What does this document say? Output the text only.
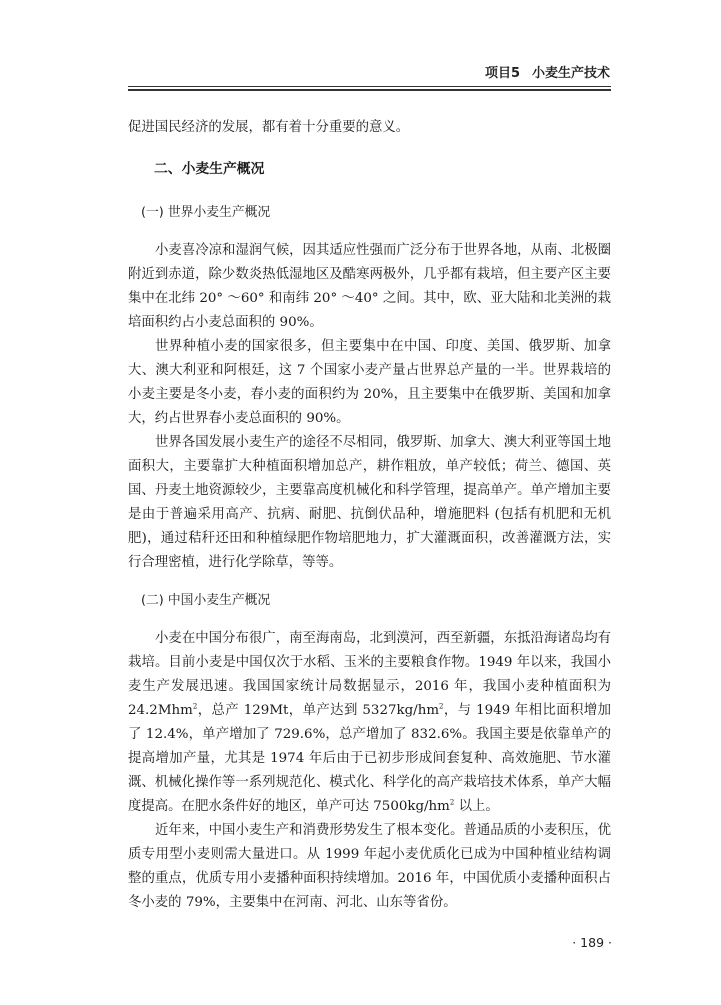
项目5 小麦生产技术

促进国民经济的发展，都有着十分重要的意义。

二、小麦生产概况
(一) 世界小麦生产概况

小麦喜冷凉和湿润气候，因其适应性强而广泛分布于世界各地，从南、北极圈附近到赤道，除少数炎热低湿地区及酷寒两极外，几乎都有栽培，但主要产区主要集中在北纬 20° ～60° 和南纬 20° ～40° 之间。其中，欧、亚大陆和北美洲的栽培面积约占小麦总面积的 90%。

世界种植小麦的国家很多，但主要集中在中国、印度、美国、俄罗斯、加拿大、澳大利亚和阿根廷，这 7 个国家小麦产量占世界总产量的一半。世界栽培的小麦主要是冬小麦，春小麦的面积约为 20%，且主要集中在俄罗斯、美国和加拿大，约占世界春小麦总面积的 90%。

世界各国发展小麦生产的途径不尽相同，俄罗斯、加拿大、澳大利亚等国土地面积大，主要靠扩大种植面积增加总产，耕作粗放，单产较低；荷兰、德国、英国、丹麦土地资源较少，主要靠高度机械化和科学管理，提高单产。单产增加主要是由于普遍采用高产、抗病、耐肥、抗倒伏品种，增施肥料 (包括有机肥和无机肥)，通过秸秆还田和种植绿肥作物培肥地力，扩大灌溉面积，改善灌溉方法，实行合理密植，进行化学除草，等等。

(二) 中国小麦生产概况

小麦在中国分布很广，南至海南岛，北到漠河，西至新疆，东抵沿海诸岛均有栽培。目前小麦是中国仅次于水稻、玉米的主要粮食作物。1949 年以来，我国小麦生产发展迅速。我国国家统计局数据显示，2016 年，我国小麦种植面积为 24.2Mhm$^2$，总产 129Mt，单产达到 $5327kg/hm^2$，与 1949 年相比面积增加了 12.4%，单产增加了 729.6%，总产增加了 832.6%。我国主要是依靠单产的提高增加产量，尤其是 1974 年后由于已初步形成间套复种、高效施肥、节水灌溉、机械化操作等一系列规范化、模式化、科学化的高产栽培技术体系，单产大幅度提高。在肥水条件好的地区，单产可达 $7500kg/hm^2$ 以上。

近年来，中国小麦生产和消费形势发生了根本变化。普通品质的小麦积压，优质专用型小麦则需大量进口。从 1999 年起小麦优质化已成为中国种植业结构调整的重点，优质专用小麦播种面积持续增加。2016 年，中国优质小麦播种面积占冬小麦的 79%，主要集中在河南、河北、山东等省份。

· 189 ·
